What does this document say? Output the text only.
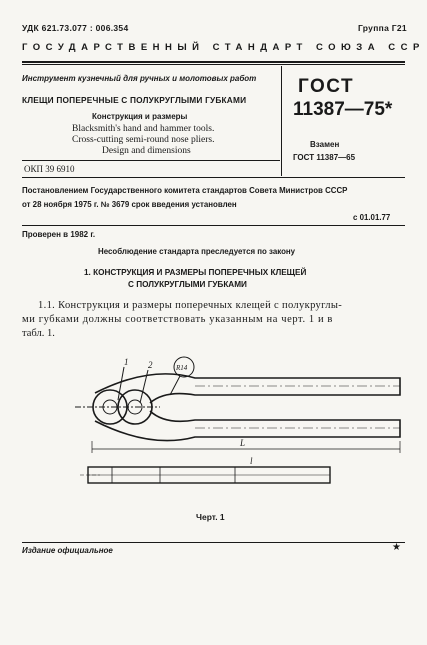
УДК 621.73.077 : 006.354	Группа Г21
ГОСУДАРСТВЕННЫЙ СТАНДАРТ СОЮЗА ССР
Инструмент кузнечный для ручных и молотовых работ
КЛЕЩИ ПОПЕРЕЧНЫЕ С ПОЛУКРУГЛЫМИ ГУБКАМИ
Конструкция и размеры
Blacksmith's hand and hammer tools.
Cross-cutting semi-round nose pliers.
Design and dimensions
ОКП 39 6910
ГОСТ
11387—75*
Взамен
ГОСТ 11387—65
Постановлением Государственного комитета стандартов Совета Министров СССР
от 28 ноября 1975 г. № 3679 срок введения установлен
с 01.01.77
Проверен в 1982 г.
Несоблюдение стандарта преследуется по закону
1. КОНСТРУКЦИЯ И РАЗМЕРЫ ПОПЕРЕЧНЫХ КЛЕЩЕЙ
С ПОЛУКРУГЛЫМИ ГУБКАМИ
1.1. Конструкция и размеры поперечных клещей с полукруглы-
ми губками должны соответствовать указанным на черт. 1 и в
табл. 1.
1 2	R14
L
l
Черт. 1
Издание официальное	★
